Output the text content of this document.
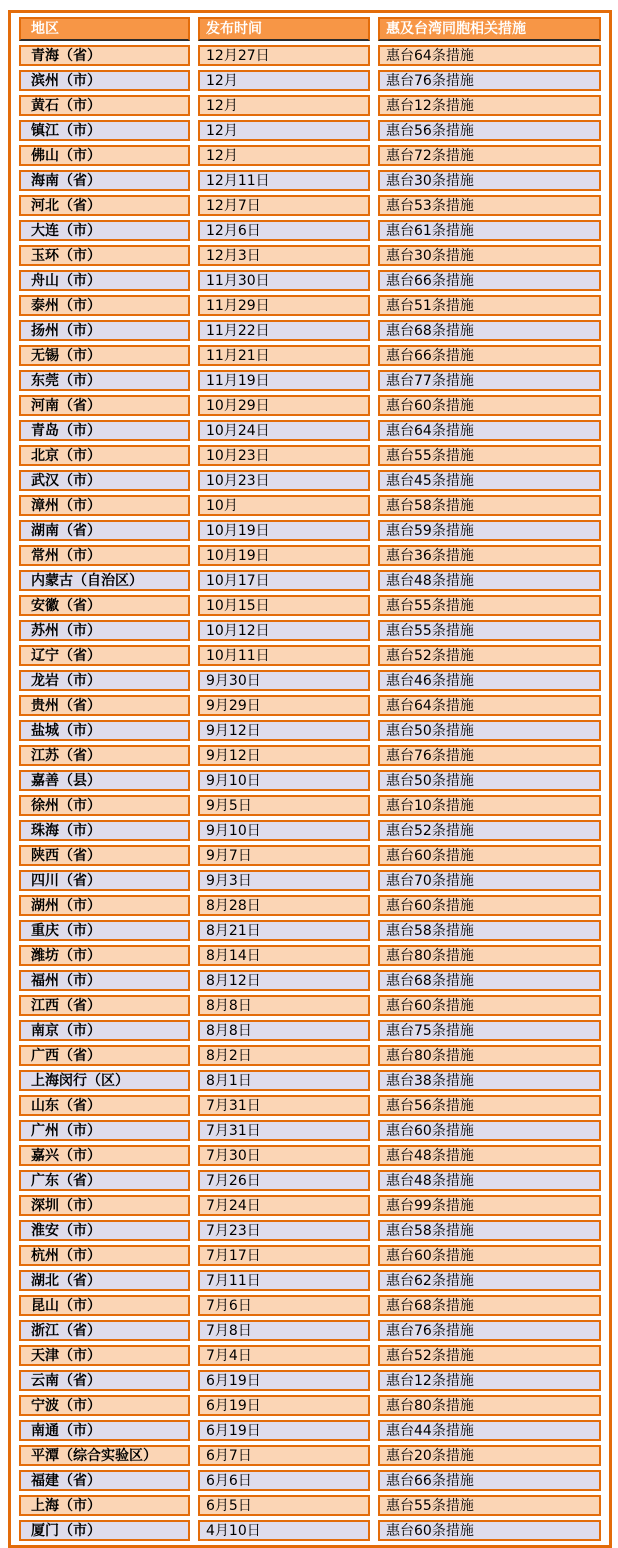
地区	发布时间	惠及台湾同胞相关措施
青海（省）	12月27日	惠台64条措施
滨州（市）	12月	惠台76条措施
黄石（市）	12月	惠台12条措施
镇江（市）	12月	惠台56条措施
佛山（市）	12月	惠台72条措施
海南（省）	12月11日	惠台30条措施
河北（省）	12月7日	惠台53条措施
大连（市）	12月6日	惠台61条措施
玉环（市）	12月3日	惠台30条措施
舟山（市）	11月30日	惠台66条措施
泰州（市）	11月29日	惠台51条措施
扬州（市）	11月22日	惠台68条措施
无锡（市）	11月21日	惠台66条措施
东莞（市）	11月19日	惠台77条措施
河南（省）	10月29日	惠台60条措施
青岛（市）	10月24日	惠台64条措施
北京（市）	10月23日	惠台55条措施
武汉（市）	10月23日	惠台45条措施
漳州（市）	10月	惠台58条措施
湖南（省）	10月19日	惠台59条措施
常州（市）	10月19日	惠台36条措施
内蒙古（自治区）	10月17日	惠台48条措施
安徽（省）	10月15日	惠台55条措施
苏州（市）	10月12日	惠台55条措施
辽宁（省）	10月11日	惠台52条措施
龙岩（市）	9月30日	惠台46条措施
贵州（省）	9月29日	惠台64条措施
盐城（市）	9月12日	惠台50条措施
江苏（省）	9月12日	惠台76条措施
嘉善（县）	9月10日	惠台50条措施
徐州（市）	9月5日	惠台10条措施
珠海（市）	9月10日	惠台52条措施
陕西（省）	9月7日	惠台60条措施
四川（省）	9月3日	惠台70条措施
湖州（市）	8月28日	惠台60条措施
重庆（市）	8月21日	惠台58条措施
潍坊（市）	8月14日	惠台80条措施
福州（市）	8月12日	惠台68条措施
江西（省）	8月8日	惠台60条措施
南京（市）	8月8日	惠台75条措施
广西（省）	8月2日	惠台80条措施
上海闵行（区）	8月1日	惠台38条措施
山东（省）	7月31日	惠台56条措施
广州（市）	7月31日	惠台60条措施
嘉兴（市）	7月30日	惠台48条措施
广东（省）	7月26日	惠台48条措施
深圳（市）	7月24日	惠台99条措施
淮安（市）	7月23日	惠台58条措施
杭州（市）	7月17日	惠台60条措施
湖北（省）	7月11日	惠台62条措施
昆山（市）	7月6日	惠台68条措施
浙江（省）	7月8日	惠台76条措施
天津（市）	7月4日	惠台52条措施
云南（省）	6月19日	惠台12条措施
宁波（市）	6月19日	惠台80条措施
南通（市）	6月19日	惠台44条措施
平潭（综合实验区）	6月7日	惠台20条措施
福建（省）	6月6日	惠台66条措施
上海（市）	6月5日	惠台55条措施
厦门（市）	4月10日	惠台60条措施
